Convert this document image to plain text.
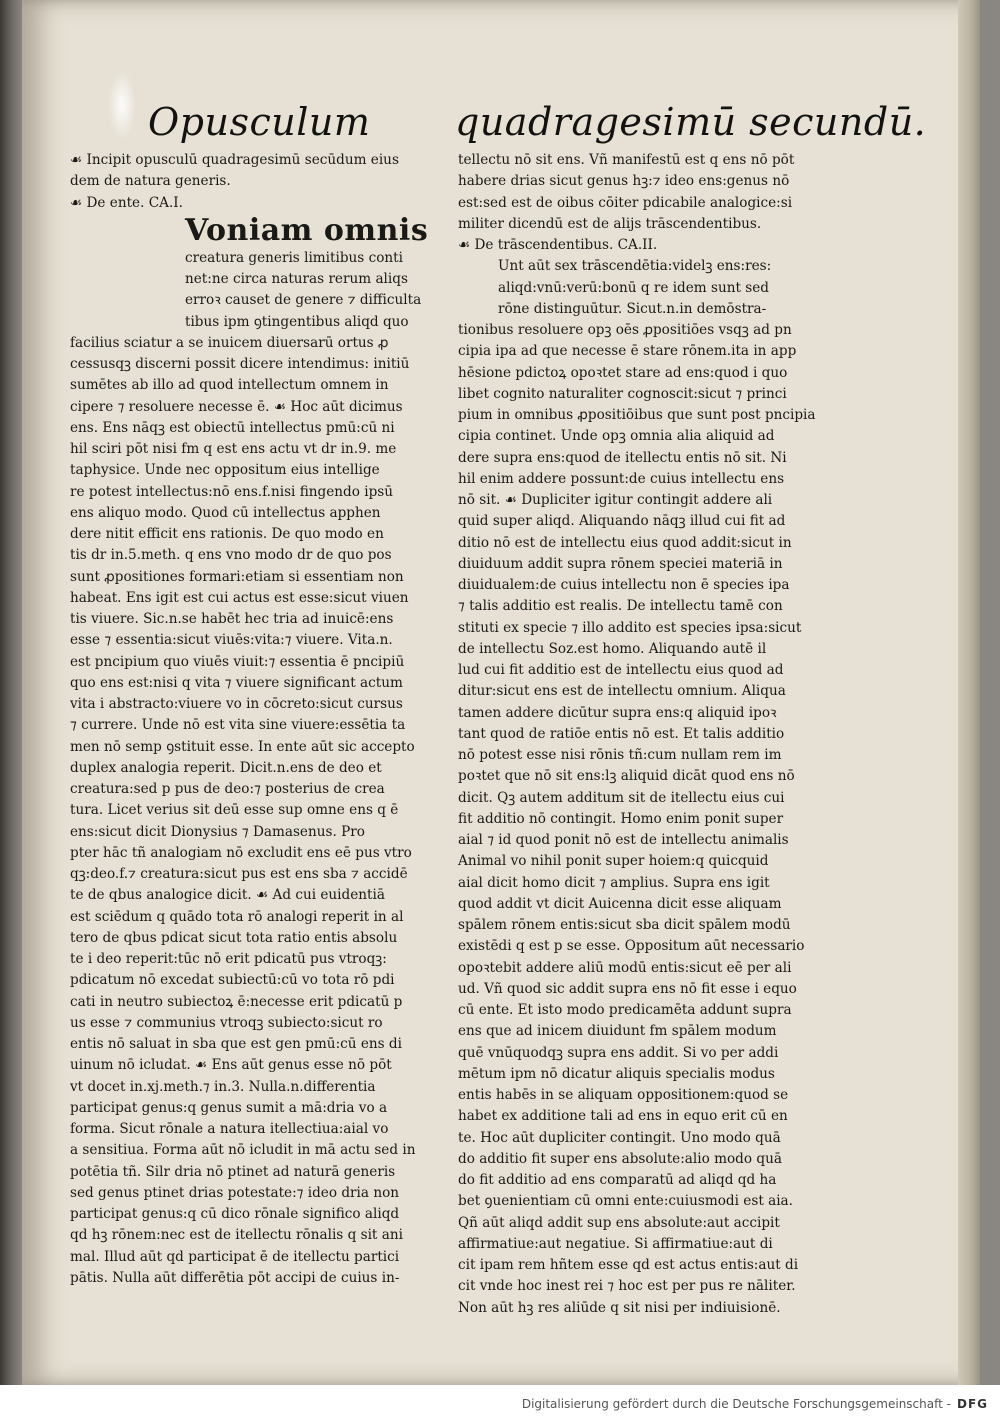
Opusculum quadragesimū secundū.
☙ Incipit opusculū quadragesimū secūdum eius
dem de natura generis.
☙ De ente. CA.I.
Voniam omnis
creatura generis limitibus conti
net:ne circa naturas rerum aliqs
erroꝛ causet de genere ⁊ difficulta
tibus ipm ꝯtingentibus aliqd quo
facilius sciatur a se inuicem diuersarū ortus ꝓ
cessusqꝫ discerni possit dicere intendimus: initiū
sumētes ab illo ad quod intellectum omnem in
cipere ⁊ resoluere necesse ē. ☙ Hoc aūt dicimus
ens. Ens nāqꝫ est obiectū intellectus pmū:cū ni
hil sciri pōt nisi fm q est ens actu vt dr in.9. me
taphysice. Unde nec oppositum eius intellige
re potest intellectus:nō ens.f.nisi fingendo ipsū
ens aliquo modo. Quod cū intellectus apphen
dere nitit efficit ens rationis. De quo modo en
tis dr in.5.meth. q ens vno modo dr de quo pos
sunt ꝓpositiones formari:etiam si essentiam non
habeat. Ens igit est cui actus est esse:sicut viuen
tis viuere. Sic.n.se habēt hec tria ad inuicē:ens
esse ⁊ essentia:sicut viuēs:vita:⁊ viuere. Vita.n.
est pncipium quo viuēs viuit:⁊ essentia ē pncipiū
quo ens est:nisi q vita ⁊ viuere significant actum
vita i abstracto:viuere vo in cōcreto:sicut cursus
⁊ currere. Unde nō est vita sine viuere:essētia ta
men nō semp ꝯstituit esse. In ente aūt sic accepto
duplex analogia reperit. Dicit.n.ens de deo et
creatura:sed p pus de deo:⁊ posterius de crea
tura. Licet verius sit deū esse sup omne ens q ē
ens:sicut dicit Dionysius ⁊ Damasenus. Pro
pter hāc tñ analogiam nō excludit ens eē pus vtro
qꝫ:deo.f.⁊ creatura:sicut pus est ens sba ⁊ accidē
te de qbus analogice dicit. ☙ Ad cui euidentiā
est sciēdum q quādo tota rō analogi reperit in al
tero de qbus pdicat sicut tota ratio entis absolu
te i deo reperit:tūc nō erit pdicatū pus vtroqꝫ:
pdicatum nō excedat subiectū:cū vo tota rō pdi
cati in neutro subiectoꝝ ē:necesse erit pdicatū p
us esse ⁊ communius vtroqꝫ subiecto:sicut ro
entis nō saluat in sba que est gen pmū:cū ens di
uinum nō icludat. ☙ Ens aūt genus esse nō pōt
vt docet in.xj.meth.⁊ in.3. Nulla.n.differentia
participat genus:q genus sumit a mā:dria vo a
forma. Sicut rōnale a natura itellectiua:aial vo
a sensitiua. Forma aūt nō icludit in mā actu sed in
potētia tñ. Silr dria nō ptinet ad naturā generis
sed genus ptinet drias potestate:⁊ ideo dria non
participat genus:q cū dico rōnale significo aliqd
qd hꝫ rōnem:nec est de itellectu rōnalis q sit ani
mal. Illud aūt qd participat ē de itellectu partici
pātis. Nulla aūt differētia pōt accipi de cuius in-
tellectu nō sit ens. Vñ manifestū est q ens nō pōt
habere drias sicut genus hꝫ:⁊ ideo ens:genus nō
est:sed est de oibus cōiter pdicabile analogice:si
militer dicendū est de alijs trāscendentibus.
☙ De trāscendentibus. CA.II.
Unt aūt sex trāscendētia:videlꝫ ens:res:
aliqd:vnū:verū:bonū q re idem sunt sed
rōne distinguūtur. Sicut.n.in demōstra-
tionibus resoluere opꝫ oēs ꝓpositiōes vsqꝫ ad pn
cipia ipa ad que necesse ē stare rōnem.ita in app
hēsione pdictoꝝ opoꝛtet stare ad ens:quod i quo
libet cognito naturaliter cognoscit:sicut ⁊ princi
pium in omnibus ꝓpositiōibus que sunt post pncipia
cipia continet. Unde opꝫ omnia alia aliquid ad
dere supra ens:quod de itellectu entis nō sit. Ni
hil enim addere possunt:de cuius intellectu ens
nō sit. ☙ Dupliciter igitur contingit addere ali
quid super aliqd. Aliquando nāqꝫ illud cui fit ad
ditio nō est de intellectu eius quod addit:sicut in
diuiduum addit supra rōnem speciei materiā in
diuidualem:de cuius intellectu non ē species ipa
⁊ talis additio est realis. De intellectu tamē con
stituti ex specie ⁊ illo addito est species ipsa:sicut
de intellectu Soz.est homo. Aliquando autē il
lud cui fit additio est de intellectu eius quod ad
ditur:sicut ens est de intellectu omnium. Aliqua
tamen addere dicūtur supra ens:q aliquid ipoꝛ
tant quod de ratiōe entis nō est. Et talis additio
nō potest esse nisi rōnis tñ:cum nullam rem im
poꝛtet que nō sit ens:lꝫ aliquid dicāt quod ens nō
dicit. Qꝫ autem additum sit de itellectu eius cui
fit additio nō contingit. Homo enim ponit super
aial ⁊ id quod ponit nō est de intellectu animalis
Animal vo nihil ponit super hoiem:q quicquid
aial dicit homo dicit ⁊ amplius. Supra ens igit
quod addit vt dicit Auicenna dicit esse aliquam
spālem rōnem entis:sicut sba dicit spālem modū
existēdi q est p se esse. Oppositum aūt necessario
opoꝛtebit addere aliū modū entis:sicut eē per ali
ud. Vñ quod sic addit supra ens nō fit esse i equo
cū ente. Et isto modo predicamēta addunt supra
ens que ad inicem diuidunt fm spālem modum
quē vnūquodqꝫ supra ens addit. Si vo per addi
mētum ipm nō dicatur aliquis specialis modus
entis habēs in se aliquam oppositionem:quod se
habet ex additione tali ad ens in equo erit cū en
te. Hoc aūt dupliciter contingit. Uno modo quā
do additio fit super ens absolute:alio modo quā
do fit additio ad ens comparatū ad aliqd qd ha
bet ꝯuenientiam cū omni ente:cuiusmodi est aia.
Qñ aūt aliqd addit sup ens absolute:aut accipit
affirmatiue:aut negatiue. Si affirmatiue:aut di
cit ipam rem hñtem esse qd est actus entis:aut di
cit vnde hoc inest rei ⁊ hoc est per pus re nāliter.
Non aūt hꝫ res aliūde q sit nisi per indiuisionē.
Digitalisierung gefördert durch die Deutsche Forschungsgemeinschaft - DFG
